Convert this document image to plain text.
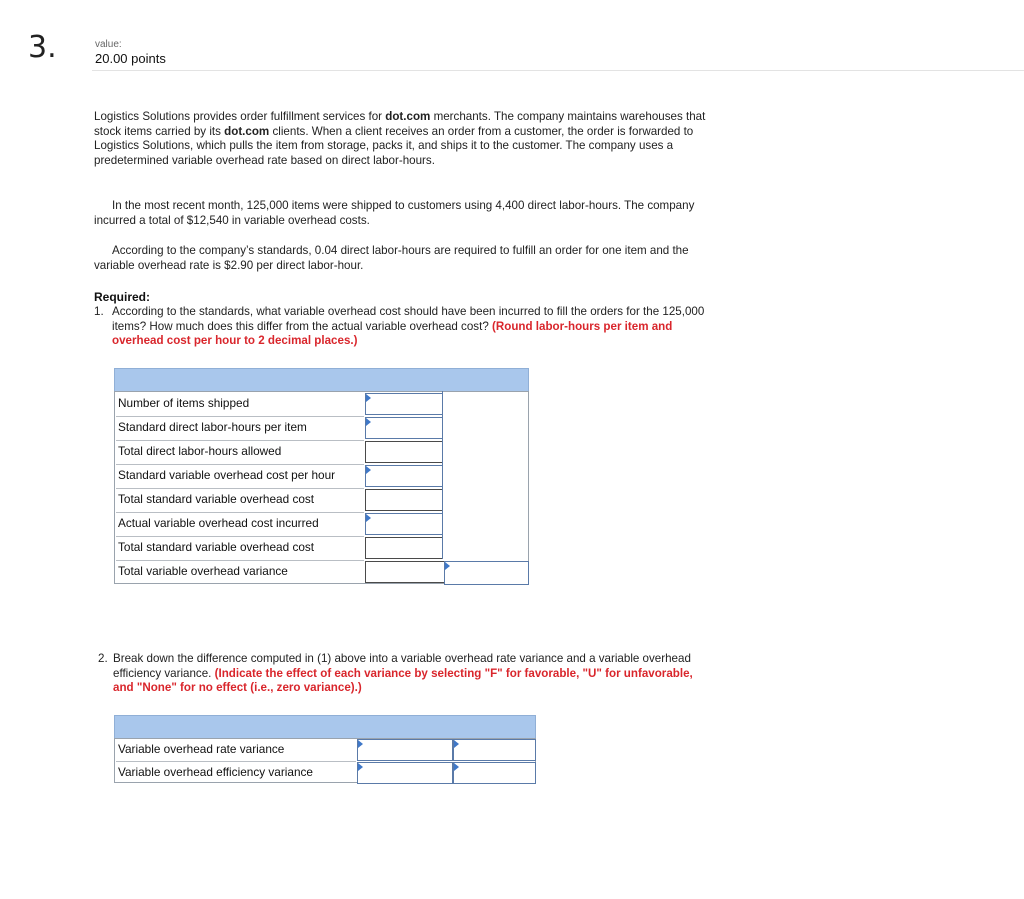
3.	value:
20.00 points
Logistics Solutions provides order fulfillment services for dot.com merchants. The company maintains warehouses that stock items carried by its dot.com clients. When a client receives an order from a customer, the order is forwarded to Logistics Solutions, which pulls the item from storage, packs it, and ships it to the customer. The company uses a predetermined variable overhead rate based on direct labor-hours.
In the most recent month, 125,000 items were shipped to customers using 4,400 direct labor-hours. The company incurred a total of $12,540 in variable overhead costs.
According to the company’s standards, 0.04 direct labor-hours are required to fulfill an order for one item and the variable overhead rate is $2.90 per direct labor-hour.
Required:
1. According to the standards, what variable overhead cost should have been incurred to fill the orders for the 125,000 items? How much does this differ from the actual variable overhead cost? (Round labor-hours per item and overhead cost per hour to 2 decimal places.)
Number of items shipped
Standard direct labor-hours per item
Total direct labor-hours allowed
Standard variable overhead cost per hour
Total standard variable overhead cost
Actual variable overhead cost incurred
Total standard variable overhead cost
Total variable overhead variance
2. Break down the difference computed in (1) above into a variable overhead rate variance and a variable overhead efficiency variance. (Indicate the effect of each variance by selecting "F" for favorable, "U" for unfavorable, and "None" for no effect (i.e., zero variance).)
Variable overhead rate variance
Variable overhead efficiency variance
